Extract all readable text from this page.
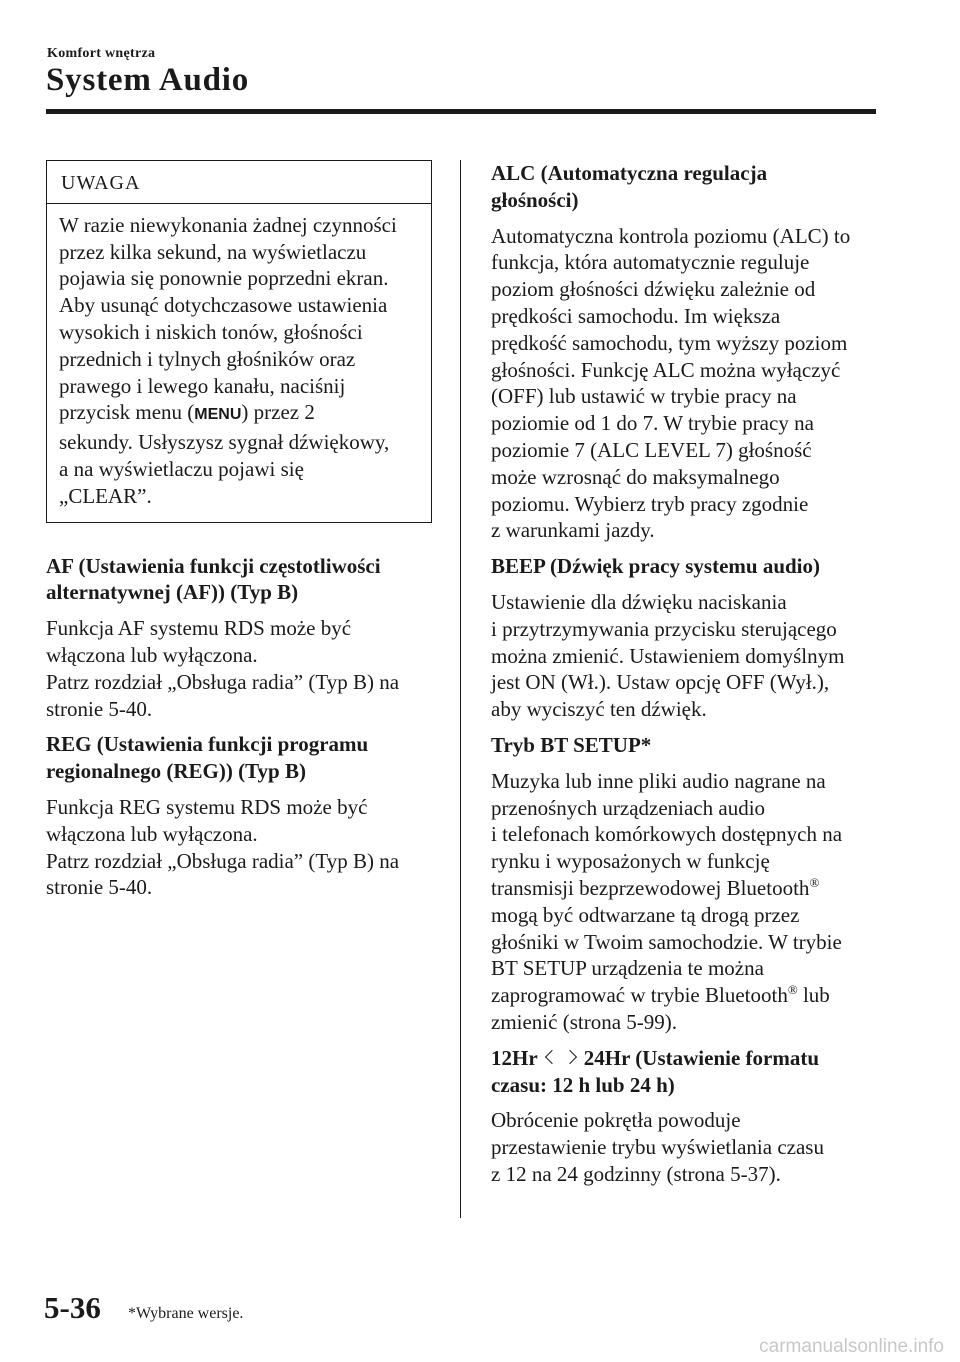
Komfort wnętrza
System Audio
UWAGA
W razie niewykonania żadnej czynności
przez kilka sekund, na wyświetlaczu
pojawia się ponownie poprzedni ekran.
Aby usunąć dotychczasowe ustawienia
wysokich i niskich tonów, głośności
przednich i tylnych głośników oraz
prawego i lewego kanału, naciśnij
przycisk menu (MENU) przez 2
sekundy. Usłyszysz sygnał dźwiękowy,
a na wyświetlaczu pojawi się
„CLEAR”.
AF (Ustawienia funkcji częstotliwości
alternatywnej (AF)) (Typ B)
Funkcja AF systemu RDS może być
włączona lub wyłączona.
Patrz rozdział „Obsługa radia” (Typ B) na
stronie 5-40.
REG (Ustawienia funkcji programu
regionalnego (REG)) (Typ B)
Funkcja REG systemu RDS może być
włączona lub wyłączona.
Patrz rozdział „Obsługa radia” (Typ B) na
stronie 5-40.
ALC (Automatyczna regulacja
głośności)
Automatyczna kontrola poziomu (ALC) to
funkcja, która automatycznie reguluje
poziom głośności dźwięku zależnie od
prędkości samochodu. Im większa
prędkość samochodu, tym wyższy poziom
głośności. Funkcję ALC można wyłączyć
(OFF) lub ustawić w trybie pracy na
poziomie od 1 do 7. W trybie pracy na
poziomie 7 (ALC LEVEL 7) głośność
może wzrosnąć do maksymalnego
poziomu. Wybierz tryb pracy zgodnie
z warunkami jazdy.
BEEP (Dźwięk pracy systemu audio)
Ustawienie dla dźwięku naciskania
i przytrzymywania przycisku sterującego
można zmienić. Ustawieniem domyślnym
jest ON (Wł.). Ustaw opcję OFF (Wył.),
aby wyciszyć ten dźwięk.
Tryb BT SETUP*
Muzyka lub inne pliki audio nagrane na
przenośnych urządzeniach audio
i telefonach komórkowych dostępnych na
rynku i wyposażonych w funkcję
transmisji bezprzewodowej Bluetooth®
mogą być odtwarzane tą drogą przez
głośniki w Twoim samochodzie. W trybie
BT SETUP urządzenia te można
zaprogramować w trybie Bluetooth® lub
zmienić (strona 5-99).
12Hr 24Hr (Ustawienie formatu
czasu: 12 h lub 24 h)
Obrócenie pokrętła powoduje
przestawienie trybu wyświetlania czasu
z 12 na 24 godzinny (strona 5-37).
5-36 *Wybrane wersje.
carmanualsonline.info
